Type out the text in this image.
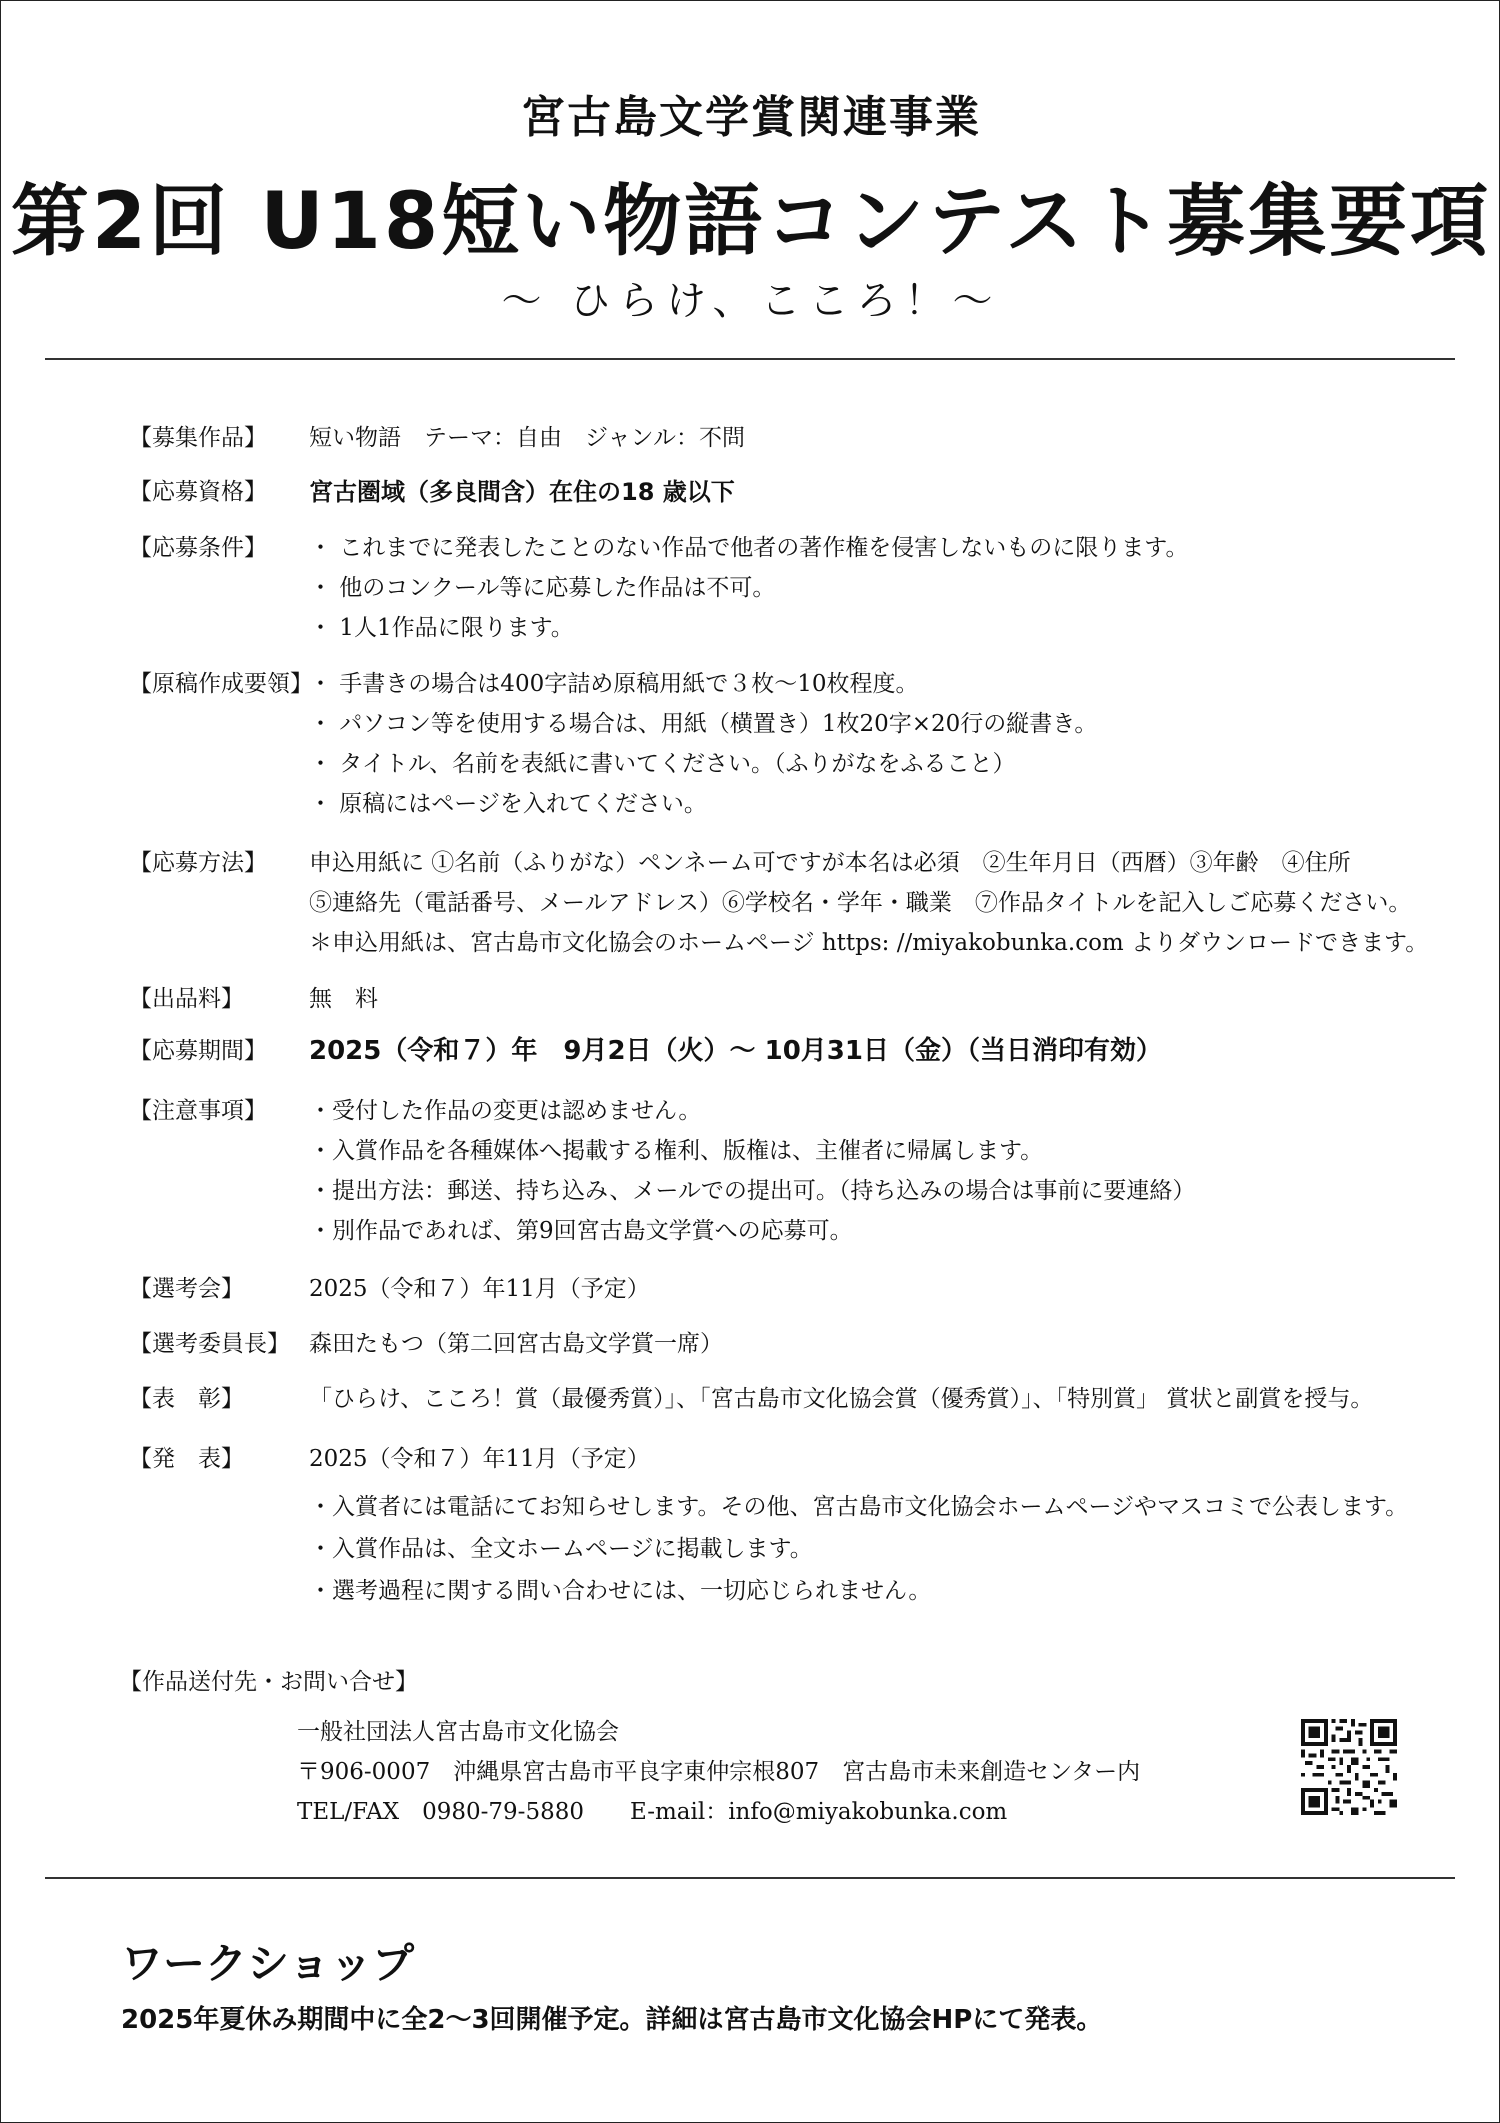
宮古島文学賞関連事業
第2回 U18短い物語コンテスト募集要項
～ ひらけ、こころ！～
【募集作品】 短い物語　テーマ：自由　ジャンル：不問
【応募資格】 宮古圏域（多良間含）在住の18 歳以下
【応募条件】 ・ これまでに発表したことのない作品で他者の著作権を侵害しないものに限ります。
・ 他のコンクール等に応募した作品は不可。
・ 1人1作品に限ります。
【原稿作成要領】
・ 手書きの場合は400字詰め原稿用紙で３枚～10枚程度。
・ パソコン等を使用する場合は、用紙（横置き）1枚20字×20行の縦書き。
・ タイトル、名前を表紙に書いてください。（ふりがなをふること）
・ 原稿にはページを入れてください。
【応募方法】 申込用紙に ①名前（ふりがな）ペンネーム可ですが本名は必須　②生年月日（西暦）③年齢　④住所
⑤連絡先（電話番号、メールアドレス）⑥学校名・学年・職業　⑦作品タイトルを記入しご応募ください。
＊申込用紙は、宮古島市文化協会のホームページ https: //miyakobunka.com よりダウンロードできます。
【出品料】	無　料
【応募期間】 2025（令和７）年　9月2日（火）～ 10月31日（金）（当日消印有効）
【注意事項】 ・受付した作品の変更は認めません。
・入賞作品を各種媒体へ掲載する権利、版権は、主催者に帰属します。
・提出方法：郵送、持ち込み、メールでの提出可。（持ち込みの場合は事前に要連絡）
・別作品であれば、第9回宮古島文学賞への応募可。
【選考会】	2025（令和７）年11月（予定）
【選考委員長】 森田たもつ（第二回宮古島文学賞一席）
【表　彰】	「ひらけ、こころ！賞（最優秀賞）」、「宮古島市文化協会賞（優秀賞）」、「特別賞」 賞状と副賞を授与。
【発　表】	2025（令和７）年11月（予定）
・入賞者には電話にてお知らせします。その他、宮古島市文化協会ホームページやマスコミで公表します。
・入賞作品は、全文ホームページに掲載します。
・選考過程に関する問い合わせには、一切応じられません。
【作品送付先・お問い合せ】
一般社団法人宮古島市文化協会
〒906-0007　沖縄県宮古島市平良字東仲宗根807　宮古島市未来創造センター内
TEL/FAX　0980-79-5880　　E-mail：info@miyakobunka.com
ワークショップ
2025年夏休み期間中に全2～3回開催予定。詳細は宮古島市文化協会HPにて発表。
